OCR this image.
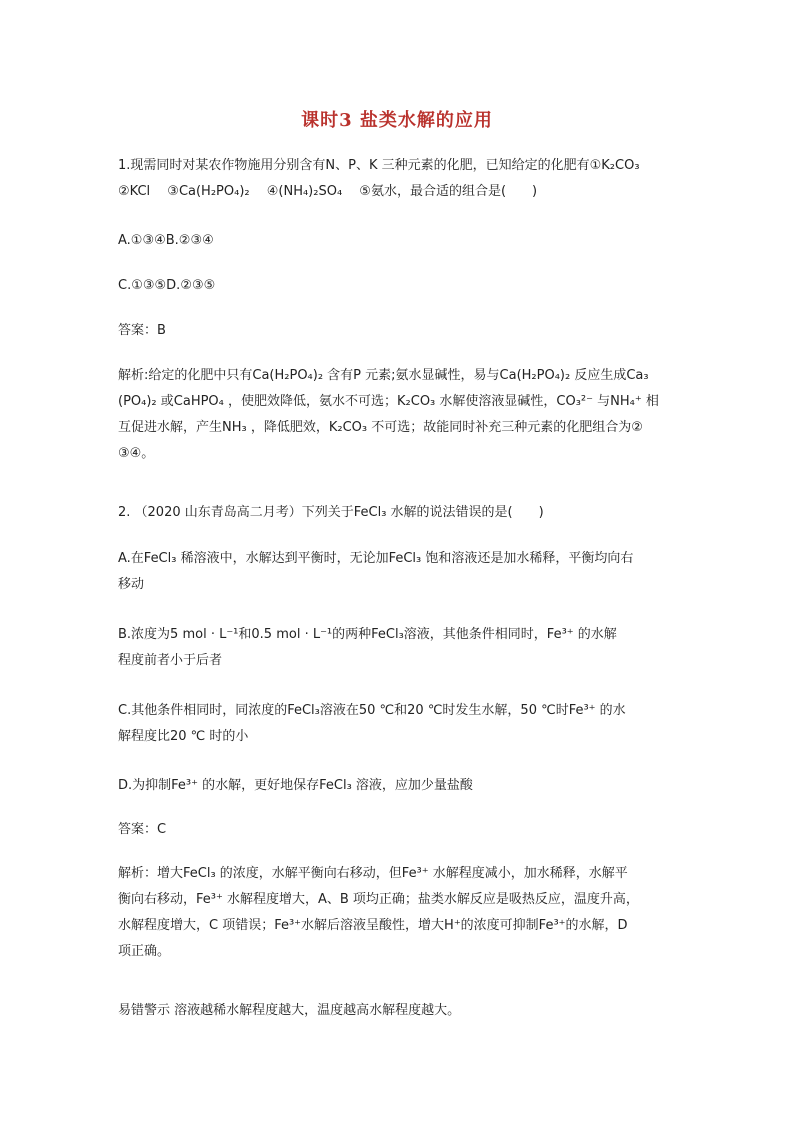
课时3 盐类水解的应用
1.现需同时对某农作物施用分别含有N、P、K 三种元素的化肥，已知给定的化肥有①K₂CO₃
②KCl　 ③Ca(H₂PO₄)₂　 ④(NH₄)₂SO₄　 ⑤氨水，最合适的组合是(　　)
A.①③④B.②③④
C.①③⑤D.②③⑤
答案：B
解析:给定的化肥中只有Ca(H₂PO₄)₂ 含有P 元素;氨水显碱性，易与Ca(H₂PO₄)₂ 反应生成Ca₃
(PO₄)₂ 或CaHPO₄ ，使肥效降低，氨水不可选；K₂CO₃ 水解使溶液显碱性，CO₃²⁻ 与NH₄⁺ 相
互促进水解，产生NH₃ ，降低肥效，K₂CO₃ 不可选；故能同时补充三种元素的化肥组合为②
③④。
2. （2020 山东青岛高二月考）下列关于FeCl₃ 水解的说法错误的是(　　)
A.在FeCl₃ 稀溶液中，水解达到平衡时，无论加FeCl₃ 饱和溶液还是加水稀释，平衡均向右
移动
B.浓度为5 mol · L⁻¹和0.5 mol · L⁻¹的两种FeCl₃溶液，其他条件相同时，Fe³⁺ 的水解
程度前者小于后者
C.其他条件相同时，同浓度的FeCl₃溶液在50 ℃和20 ℃时发生水解，50 ℃时Fe³⁺ 的水
解程度比20 ℃ 时的小
D.为抑制Fe³⁺ 的水解，更好地保存FeCl₃ 溶液，应加少量盐酸
答案：C
解析：增大FeCl₃ 的浓度，水解平衡向右移动，但Fe³⁺ 水解程度减小，加水稀释，水解平
衡向右移动，Fe³⁺ 水解程度增大，A、B 项均正确；盐类水解反应是吸热反应，温度升高，
水解程度增大，C 项错误；Fe³⁺水解后溶液呈酸性，增大H⁺的浓度可抑制Fe³⁺的水解，D
项正确。
易错警示 溶液越稀水解程度越大，温度越高水解程度越大。
